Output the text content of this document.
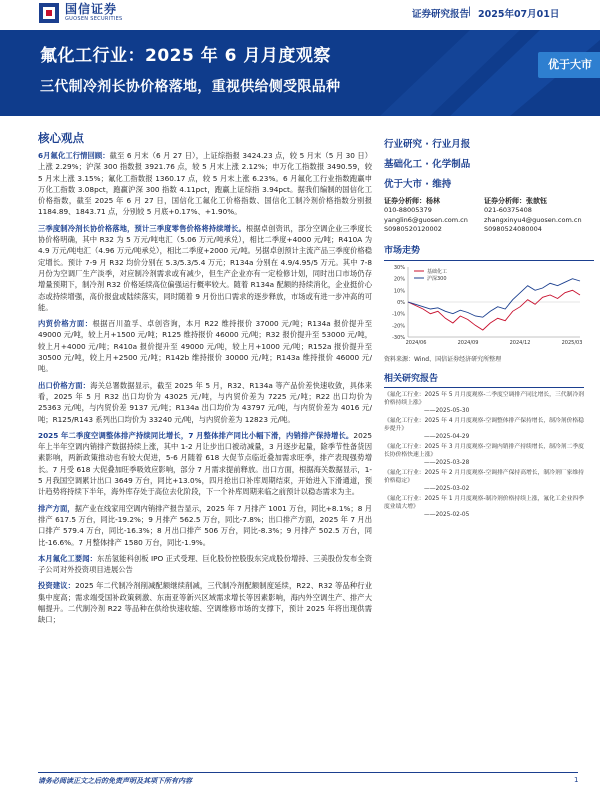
国信证券
GUOSEN SECURITIES	证券研究报告
| 2025年07月01日
氟化工行业：2025 年 6 月月度观察
三代制冷剂长协价格落地，重视供给侧受限品种
优于大市
核心观点

6月氟化工行情回顾：截至 6 月末（6 月 27 日），上证综指报 3424.23 点，较 5 月末（5 月 30 日）上涨 2.29%；沪深 300 指数报 3921.76 点，较 5 月末上涨 2.12%；申万化工指数报 3490.59，较 5 月末上涨 3.15%；氟化工指数报 1360.17 点，较 5 月末上涨 6.23%。6 月氟化工行业指数跑赢申万化工指数 3.08pct，跑赢沪深 300 指数 4.11pct，跑赢上证综指 3.94pct。据我们编制的国信化工价格指数，截至 2025 年 6 月 27 日，国信化工氟化工价格指数、国信化工制冷剂价格指数分别报 1184.89、1843.71 点，分别较 5 月底+0.17%、+1.90%。

三季度制冷剂长协价格落地，预计三季度零售价格将持续增长。根据卓创资讯，部分空调企业三季度长协价格明确，其中 R32 为 5 万元/吨电汇（5.06 万元/吨承兑），相比二季度+4000 元/吨；R410A 为 4.9 万元/吨电汇（4.96 万元/吨承兑），相比二季度+2000 元/吨。另据卓创预计主流产品三季度价格稳定增长。预计 7-9 月 R32 均价分别在 5.3/5.3/5.4 万元；R134a 分别在 4.9/4.95/5 万元。其中 7-8 月份为空调厂生产淡季，对应制冷剂需求或有减少，但生产企业亦有一定检修计划，同时出口市场仍存增量预期下，制冷剂 R32 价格延续高位偏强运行概率较大。随着 R134a 配额的持续消化，企业挺价心态或持续增强，高价报盘或陆续落实，同时随着 9 月份出口需求的逐步释放，市场或有进一步冲高的可能。

内贸价格方面：根据百川盈孚、卓创咨询，本月 R22 维持报价 37000 元/吨；R134a 报价提升至 49000 元/吨，较上月+1500 元/吨；R125 维持报价 46000 元/吨；R32 报价提升至 53000 元/吨，较上月+4000 元/吨；R410a 报价提升至 49000 元/吨，较上月+1000 元/吨；R152a 报价提升至 30500 元/吨，较上月+2500 元/吨；R142b 维持报价 30000 元/吨；R143a 维持报价 46000 元/吨。

出口价格方面：海关总署数据显示，截至 2025 年 5 月，R32、R134a 等产品价差快速收敛，具体来看，2025 年 5 月 R32 出口均价为 43025 元/吨，与内贸价差为 7225 元/吨；R22 出口均价为 25363 元/吨，与内贸价差 9137 元/吨；R134a 出口均价为 43797 元/吨，与内贸价差为 4016 元/吨；R125/R143 系列出口均价为 33240 元/吨，与内贸价差为 12823 元/吨。

2025 年二季度空调整体排产持续同比增长，7 月整体排产同比小幅下滑，内销排产保持增长。2025 年上半年空调内销排产数据持续上涨，其中 1-2 月让步出口被动减量，3 月逐步起量，除季节性备货因素影响，两新政策推动也有较大促进，5-6 月随着 618 大促节点临近叠加需求旺季，排产表现强势增长。7 月受 618 大促叠加旺季吸效应影响，部分 7 月需求提前释放。出口方面，根据海关数据显示，1-5 月我国空调累计出口 3649 万台，同比+13.0%，四月抢出口补库周期结束，开始进入下滑通道，预计趋势将持续下半年，海外库存处于高位去化阶段，下一个补库周期来临之前预计以稳态需求为主。

排产方面，据产业在线家用空调内销排产报告显示，2025 年 7 月排产 1001 万台，同比+8.1%；8 月排产 617.5 万台，同比-19.2%；9 月排产 562.5 万台，同比-7.8%；出口排产方面，2025 年 7 月出口排产 579.4 万台，同比-16.3%；8 月出口排产 506 万台，同比-8.3%；9 月排产 502.5 万台，同比-16.6%。7 月整体排产 1580 万台，同比-1.9%。

本月氟化工要闻：东岳氢能科创板 IPO 正式受理、巨化股份控股股东完成股份增持、三美股份发布全资子公司对外投资项目进展公告

投资建议：2025 年二代制冷剂削减配额继续削减，三代制冷剂配额制度延续，R22、R32 等品种行业集中度高；需求端受国补政策刺激、东南亚等新兴区域需求增长等因素影响，海内外空调生产、排产大幅提升。二代制冷剂 R22 等品种在供给快速收缩、空调维修市场的支撑下，预计 2025 年将出现供需缺口；

行业研究 · 行业月报
基础化工 · 化学制品
优于大市 · 维持
证券分析师：杨林
010-88005379
yanglin6@guosen.com.cn
S0980520120002
证券分析师：张歆钰
021-60375408
zhangxinyu4@guosen.com.cn
S0980524080004
市场走势
30%
20%
10%
0%
-10%
-20%
-30%
2024/06	2024/09	2024/12	2025/03
基础化工
沪深300
资料来源：Wind、国信证券经济研究所整理
相关研究报告
《氟化工行业：2025 年 5 月月度观察-二季度空调排产同比增长，三代制冷剂价格持续上涨》
——2025-05-30
《氟化工行业：2025 年 4 月月度观察-空调整体排产保持增长，制冷剂价格稳步提升》
——2025-04-29
《氟化工行业：2025 年 3 月月度观察-空调内销排产持续增长，制冷剂二季度长协价格快速上涨》
——2025-03-28
《氟化工行业：2025 年 2 月月度观察-空调排产保持高增长，制冷剂厂家维持价格稳定》
——2025-03-02
《氟化工行业：2025 年 1 月月度观察-制冷剂价格持续上涨，氟化工企业四季度业绩大增》
——2025-02-05
请务必阅读正文之后的免责声明及其项下所有内容	1
